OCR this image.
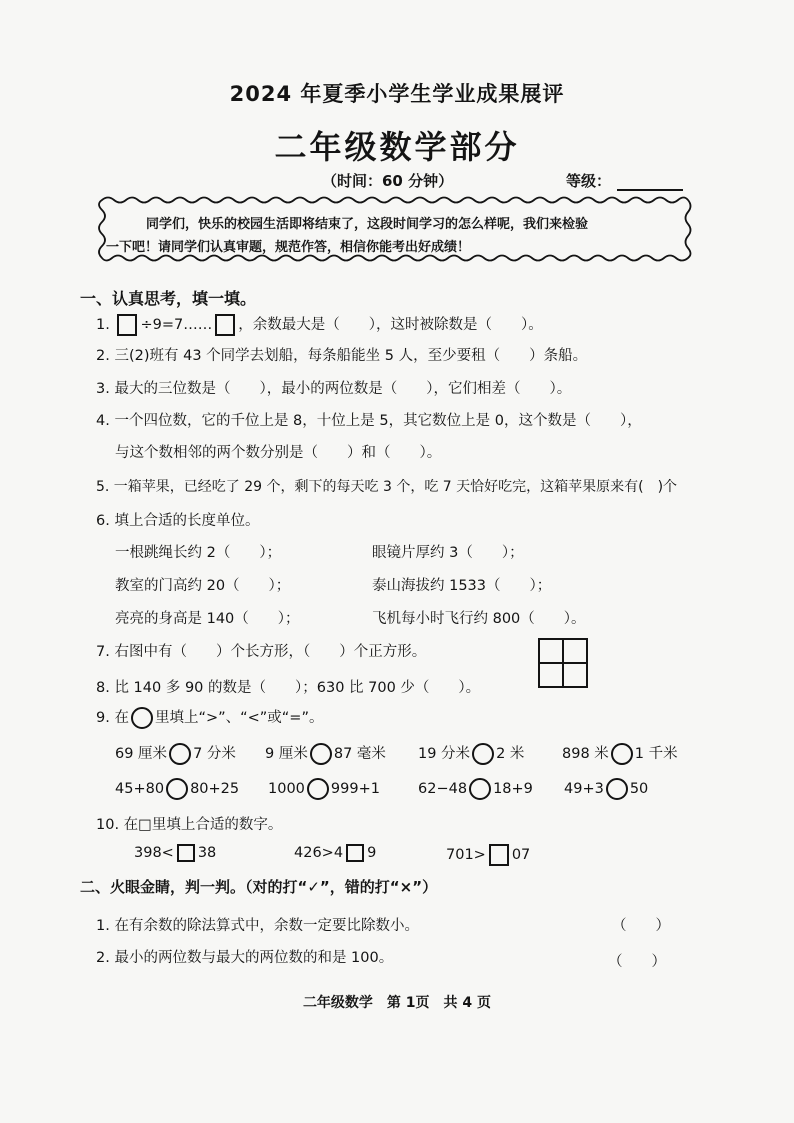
2024 年夏季小学生学业成果展评
二年级数学部分
（时间：60 分钟）	等级：
同学们，快乐的校园生活即将结束了，这段时间学习的怎么样呢，我们来检验
一下吧！请同学们认真审题，规范作答，相信你能考出好成绩！
一、认真思考，填一填。
1. ÷9=7…… ，余数最大是（　　），这时被除数是（　　）。
2. 三(2)班有 43 个同学去划船，每条船能坐 5 人，至少要租（　　）条船。
3. 最大的三位数是（　　），最小的两位数是（　　），它们相差（　　）。
4. 一个四位数，它的千位上是 8，十位上是 5，其它数位上是 0，这个数是（　　），
与这个数相邻的两个数分别是（　　）和（　　）。
5. 一箱苹果，已经吃了 29 个，剩下的每天吃 3 个，吃 7 天恰好吃完，这箱苹果原来有(　)个
6. 填上合适的长度单位。
一根跳绳长约 2（　　）；	眼镜片厚约 3（　　）；
教室的门高约 20（　　）；	泰山海拔约 1533（　　）；
亮亮的身高是 140（　　）；	飞机每小时飞行约 800（　　）。
7. 右图中有（　　）个长方形，（　　）个正方形。
8. 比 140 多 90 的数是（　　）；630 比 700 少（　　）。
9. 在 里填上“>”、“<”或“=”。
69 厘米 7 分米 9 厘米 87 毫米 19 分米 2 米	898 米 1 千米
45+80 80+25 1000 999+1	62−48 18+9 49+3 50
10. 在□里填上合适的数字。
398< 38	426>4 9	701> 07
二、火眼金睛，判一判。（对的打“✓”，错的打“×”）
1. 在有余数的除法算式中，余数一定要比除数小。	（　　）
2. 最小的两位数与最大的两位数的和是 100。	（　　）
二年级数学　第 1页　共 4 页
